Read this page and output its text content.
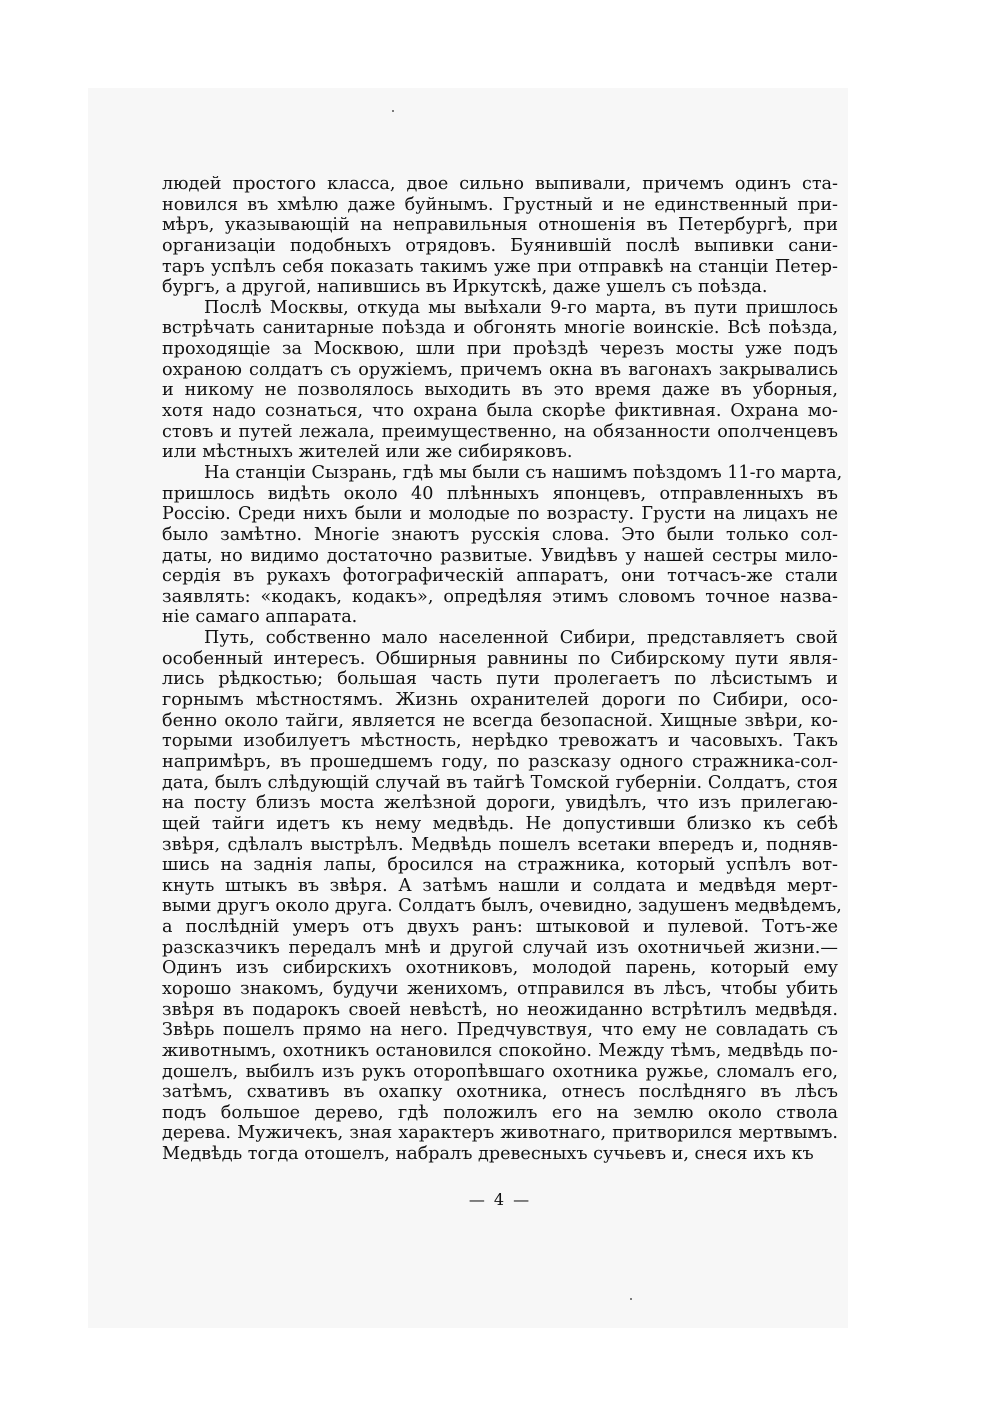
людей простого класса, двое сильно выпивали, причемъ одинъ ста-
новился въ хмѣлю даже буйнымъ. Грустный и не единственный при-
мѣръ, указывающій на неправильныя отношенія въ Петербургѣ, при
организаціи подобныхъ отрядовъ. Буянившій послѣ выпивки сани-
таръ успѣлъ себя показать такимъ уже при отправкѣ на станціи Петер-
бургъ, а другой, напившись въ Иркутскѣ, даже ушелъ съ поѣзда.
Послѣ Москвы, откуда мы выѣхали 9-го марта, въ пути пришлось
встрѣчать санитарные поѣзда и обгонять многіе воинскіе. Всѣ поѣзда,
проходящіе за Москвою, шли при проѣздѣ черезъ мосты уже подъ
охраною солдатъ съ оружіемъ, причемъ окна въ вагонахъ закрывались
и никому не позволялось выходить въ это время даже въ уборныя,
хотя надо сознаться, что охрана была скорѣе фиктивная. Охрана мо-
стовъ и путей лежала, преимущественно, на обязанности ополченцевъ
или мѣстныхъ жителей или же сибиряковъ.
На станціи Сызрань, гдѣ мы были съ нашимъ поѣздомъ 11-го марта,
пришлось видѣть около 40 плѣнныхъ японцевъ, отправленныхъ въ
Россію. Среди нихъ были и молодые по возрасту. Грусти на лицахъ не
было замѣтно. Многіе знаютъ русскія слова. Это были только сол-
даты, но видимо достаточно развитые. Увидѣвъ у нашей сестры мило-
сердія въ рукахъ фотографическій аппаратъ, они тотчасъ-же стали
заявлять: «кодакъ, кодакъ», опредѣляя этимъ словомъ точное назва-
ніе самаго аппарата.
Путь, собственно мало населенной Сибири, представляетъ свой
особенный интересъ. Обширныя равнины по Сибирскому пути явля-
лись рѣдкостью; большая часть пути пролегаетъ по лѣсистымъ и
горнымъ мѣстностямъ. Жизнь охранителей дороги по Сибири, осо-
бенно около тайги, является не всегда безопасной. Хищные звѣри, ко-
торыми изобилуетъ мѣстность, нерѣдко тревожатъ и часовыхъ. Такъ
напримѣръ, въ прошедшемъ году, по разсказу одного стражника-сол-
дата, былъ слѣдующій случай въ тайгѣ Томской губерніи. Солдатъ, стоя
на посту близъ моста желѣзной дороги, увидѣлъ, что изъ прилегаю-
щей тайги идетъ къ нему медвѣдь. Не допустивши близко къ себѣ
звѣря, сдѣлалъ выстрѣлъ. Медвѣдь пошелъ всетаки впередъ и, подняв-
шись на заднія лапы, бросился на стражника, который успѣлъ вот-
кнуть штыкъ въ звѣря. А затѣмъ нашли и солдата и медвѣдя мерт-
выми другъ около друга. Солдатъ былъ, очевидно, задушенъ медвѣдемъ,
а послѣдній умеръ отъ двухъ ранъ: штыковой и пулевой. Тотъ-же
разсказчикъ передалъ мнѣ и другой случай изъ охотничьей жизни.—
Одинъ изъ сибирскихъ охотниковъ, молодой парень, который ему
хорошо знакомъ, будучи женихомъ, отправился въ лѣсъ, чтобы убить
звѣря въ подарокъ своей невѣстѣ, но неожиданно встрѣтилъ медвѣдя.
Звѣрь пошелъ прямо на него. Предчувствуя, что ему не совладать съ
животнымъ, охотникъ остановился спокойно. Между тѣмъ, медвѣдь по-
дошелъ, выбилъ изъ рукъ оторопѣвшаго охотника ружье, сломалъ его,
затѣмъ, схвативъ въ охапку охотника, отнесъ послѣдняго въ лѣсъ
подъ большое дерево, гдѣ положилъ его на землю около ствола
дерева. Мужичекъ, зная характеръ животнаго, притворился мертвымъ.
Медвѣдь тогда отошелъ, набралъ древесныхъ сучьевъ и, снеся ихъ къ
— 4 —
